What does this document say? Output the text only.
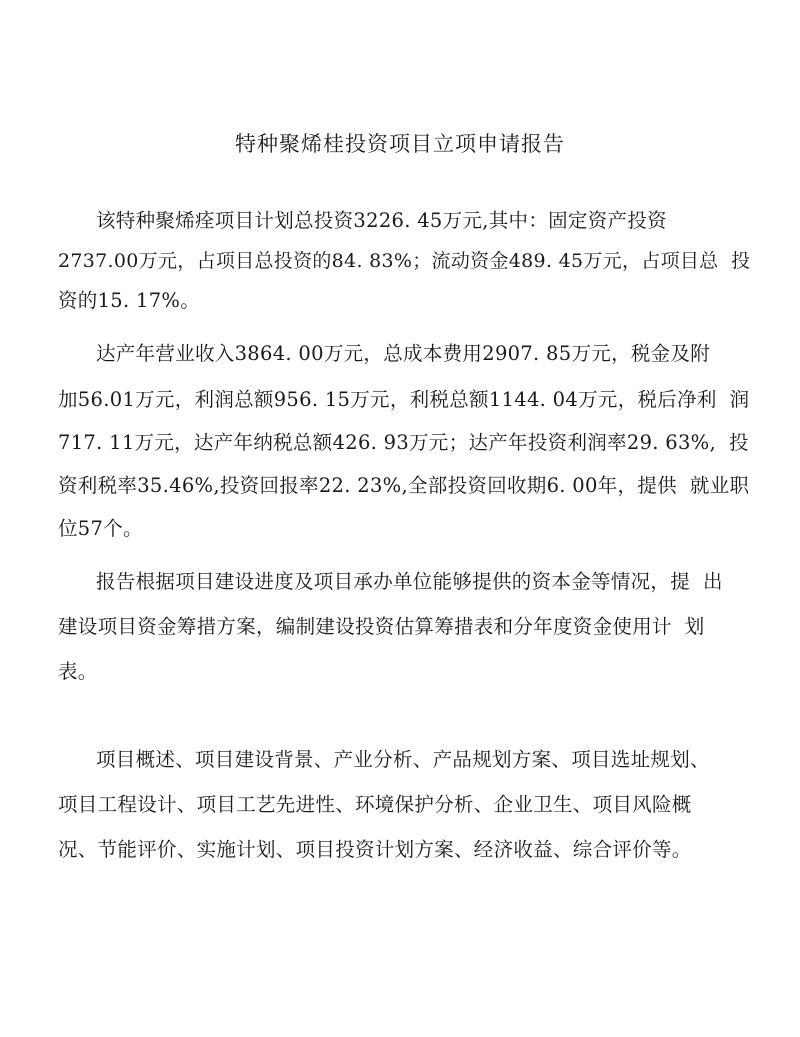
特种聚烯桂投资项目立项申请报告
该特种聚烯痊项目计划总投资3226. 45万元,其中：固定资产投资
2737.00万元，占项目总投资的84. 83%；流动资金489. 45万元，占项目总  投
资的15. 17%。
达产年营业收入3864. 00万元，总成本费用2907. 85万元，税金及附
加56.01万元，利润总额956. 15万元，利税总额1144. 04万元，税后净利  润
717. 11万元，达产年纳税总额426. 93万元；达产年投资利润率29. 63%,  投
资利税率35.46%,投资回报率22. 23%,全部投资回收期6. 00年，提供  就业职
位57个。
报告根据项目建设进度及项目承办单位能够提供的资本金等情况，提  出
建设项目资金筹措方案，编制建设投资估算筹措表和分年度资金使用计  划
表。
项目概述、项目建设背景、产业分析、产品规划方案、项目选址规划、
项目工程设计、项目工艺先进性、环境保护分析、企业卫生、项目风险概
况、节能评价、实施计划、项目投资计划方案、经济收益、综合评价等。
